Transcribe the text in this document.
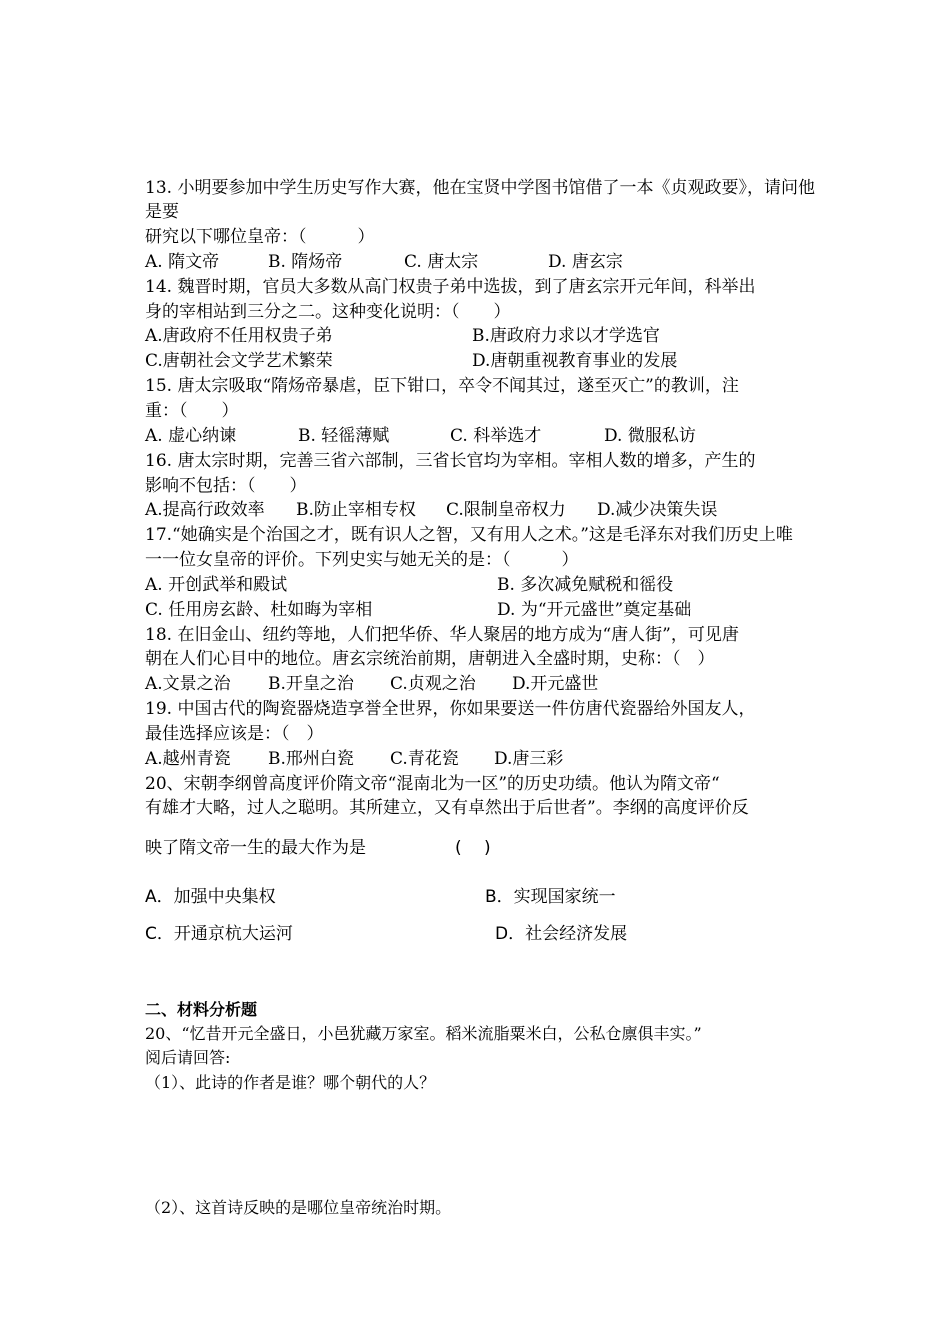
13. 小明要参加中学生历史写作大赛，他在宝贤中学图书馆借了一本《贞观政要》，请问他
是要
研究以下哪位皇帝：（　　　）
A. 隋文帝	B. 隋炀帝	C. 唐太宗	D. 唐玄宗
14. 魏晋时期，官员大多数从高门权贵子弟中选拔，到了唐玄宗开元年间，科举出
身的宰相站到三分之二。这种变化说明：（　　）
A.唐政府不任用权贵子弟	B.唐政府力求以才学选官
C.唐朝社会文学艺术繁荣	D.唐朝重视教育事业的发展
15. 唐太宗吸取“隋炀帝暴虐，臣下钳口，卒令不闻其过，遂至灭亡”的教训，注
重：（　　）
A. 虚心纳谏	B. 轻徭薄赋	C. 科举选才	D. 微服私访
16. 唐太宗时期，完善三省六部制，三省长官均为宰相。宰相人数的增多，产生的
影响不包括：（　　）
A.提高行政效率 B.防止宰相专权 C.限制皇帝权力 D.减少决策失误
17.“她确实是个治国之才，既有识人之智，又有用人之术。”这是毛泽东对我们历史上唯
一一位女皇帝的评价。下列史实与她无关的是：（　　　）
A. 开创武举和殿试	B. 多次减免赋税和徭役
C. 任用房玄龄、杜如晦为宰相	D. 为“开元盛世”奠定基础
18. 在旧金山、纽约等地，人们把华侨、华人聚居的地方成为“唐人街”，可见唐
朝在人们心目中的地位。唐玄宗统治前期，唐朝进入全盛时期，史称：（　）
A.文景之治 B.开皇之治 C.贞观之治 D.开元盛世
19. 中国古代的陶瓷器烧造享誉全世界，你如果要送一件仿唐代瓷器给外国友人，
最佳选择应该是：（　）
A.越州青瓷 B.邢州白瓷 C.青花瓷 D.唐三彩
20、宋朝李纲曾高度评价隋文帝“混南北为一区”的历史功绩。他认为隋文帝“
有雄才大略，过人之聪明。其所建立，又有卓然出于后世者”。李纲的高度评价反
映了隋文帝一生的最大作为是	(　 )
A．加强中央集权	B．实现国家统一
C．开通京杭大运河	D．社会经济发展
二、材料分析题
20、“忆昔开元全盛日，小邑犹藏万家室。稻米流脂粟米白，公私仓廪俱丰实。”
阅后请回答:
（1）、此诗的作者是谁？哪个朝代的人？
（2）、这首诗反映的是哪位皇帝统治时期。
